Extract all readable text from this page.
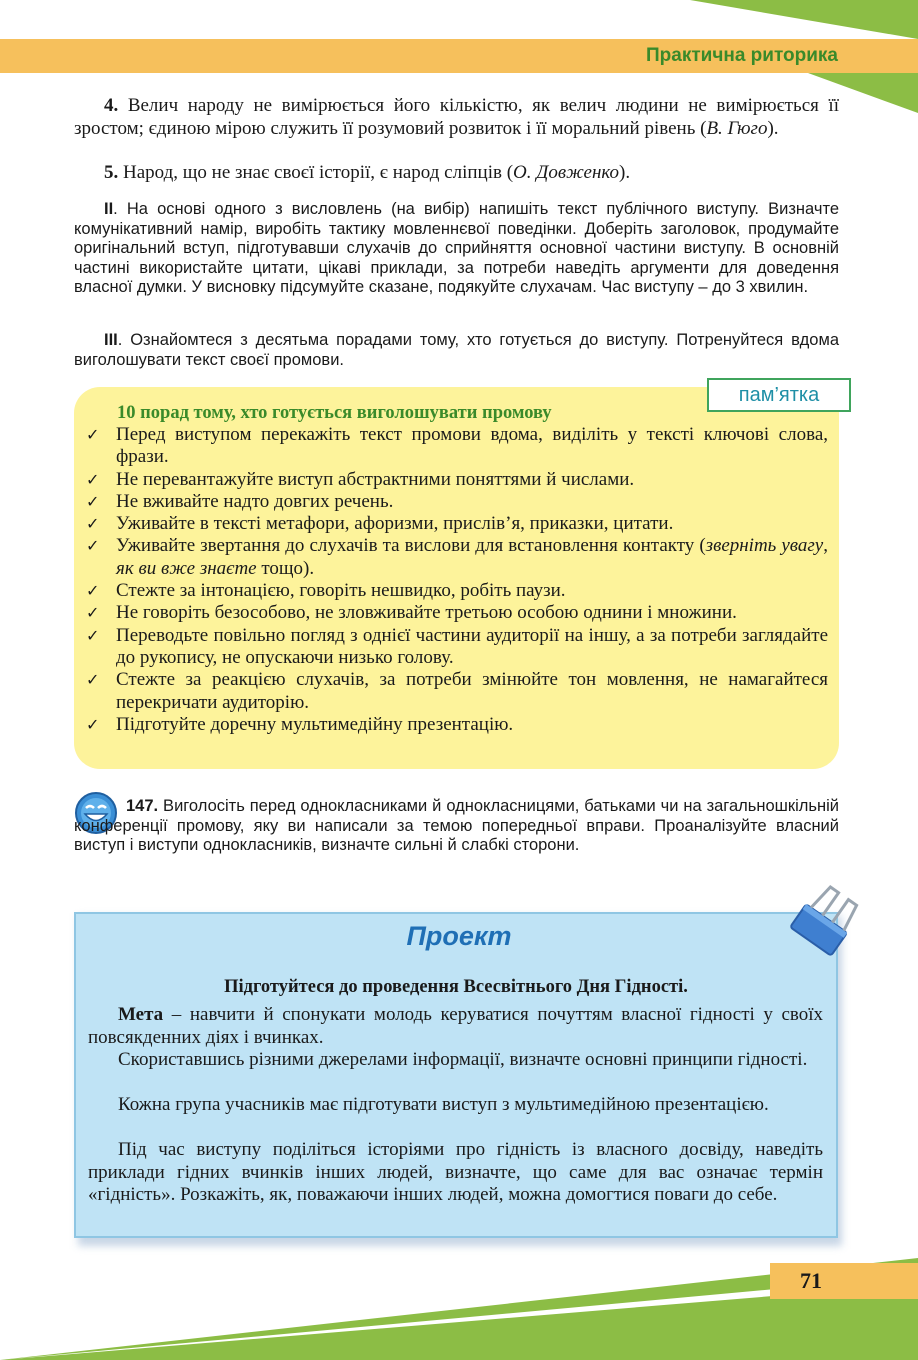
Практична риторика
4. Велич народу не вимірюється його кількістю, як велич людини не вимірюється її зростом; єдиною мірою служить її розумовий розвиток і її моральний рівень (В. Гюго).
5. Народ, що не знає своєї історії, є народ сліпців (О. Довженко).
II. На основі одного з висловлень (на вибір) напишіть текст публічного виступу. Визначте комунікативний намір, виробіть тактику мовленнєвої поведінки. Доберіть заголовок, продумайте оригінальний вступ, підготувавши слухачів до сприйняття основної частини виступу. В основній частині використайте цитати, цікаві приклади, за потреби наведіть аргументи для доведення власної думки. У висновку підсумуйте сказане, подякуйте слухачам. Час виступу – до 3 хвилин.
III. Ознайомтеся з десятьма порадами тому, хто готується до виступу. Потренуйтеся вдома виголошувати текст своєї промови.
пам’ятка
10 порад тому, хто готується виголошувати промову
✓ Перед виступом перекажіть текст промови вдома, виділіть у тексті ключові слова, фрази.
✓ Не перевантажуйте виступ абстрактними поняттями й числами.
✓ Не вживайте надто довгих речень.
✓ Уживайте в тексті метафори, афоризми, прислів’я, приказки, цитати.
✓ Уживайте звертання до слухачів та вислови для встановлення контакту (зверніть увагу, як ви вже знаєте тощо).
✓ Стежте за інтонацією, говоріть нешвидко, робіть паузи.
✓ Не говоріть безособово, не зловживайте третьою особою однини і множини.
✓ Переводьте повільно погляд з однієї частини аудиторії на іншу, а за потреби заглядайте до рукопису, не опускаючи низько голову.
✓ Стежте за реакцією слухачів, за потреби змінюйте тон мовлення, не намагайтеся перекричати аудиторію.
✓ Підготуйте доречну мультимедійну презентацію.
147. Виголосіть перед однокласниками й однокласницями, батьками чи на загальношкільній конференції промову, яку ви написали за темою попередньої вправи. Проаналізуйте власний виступ і виступи однокласників, визначте сильні й слабкі сторони.
Проект
Підготуйтеся до проведення Всесвітнього Дня Гідності.
Мета – навчити й спонукати молодь керуватися почуттям власної гідності у своїх повсякденних діях і вчинках.
Скориставшись різними джерелами інформації, визначте основні принципи гідності.
Кожна група учасників має підготувати виступ з мультимедійною презентацією.
Під час виступу поділіться історіями про гідність із власного досвіду, наведіть приклади гідних вчинків інших людей, визначте, що саме для вас означає термін «гідність». Розкажіть, як, поважаючи інших людей, можна домогтися поваги до себе.
71
